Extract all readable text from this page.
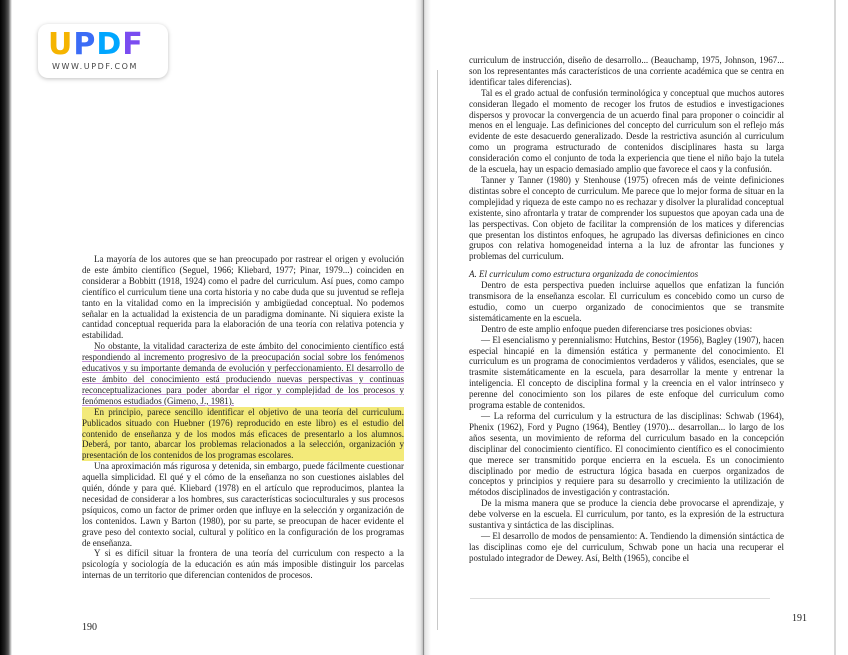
UPDF
WWW.UPDF.COM

La mayoría de los autores que se han preocupado por rastrear el origen y evolución de este ámbito científico (Seguel, 1966; Kliebard, 1977; Pinar, 1979...) coinciden en considerar a Bobbitt (1918, 1924) como el padre del curriculum. Así pues, como campo científico el curriculum tiene una corta historia y no cabe duda que su juventud se refleja tanto en la vitalidad como en la imprecisión y ambigüedad conceptual. No podemos señalar en la actualidad la existencia de un paradigma dominante. Ni siquiera existe la cantidad conceptual requerida para la elaboración de una teoría con relativa potencia y estabilidad.

No obstante, la vitalidad caracteriza de este ámbito del conocimiento científico está respondiendo al incremento progresivo de la preocupación social sobre los fenómenos educativos y su importante demanda de evolución y perfeccionamiento. El desarrollo de este ámbito del conocimiento está produciendo nuevas perspectivas y continuas reconceptualizaciones para poder abordar el rigor y complejidad de los procesos y fenómenos estudiados (Gimeno, J., 1981).

En principio, parece sencillo identificar el objetivo de una teoría del curriculum. Publicados situado con Huebner (1976) reproducido en este libro) es el estudio del contenido de enseñanza y de los modos más eficaces de presentarlo a los alumnos. Deberá, por tanto, abarcar los problemas relacionados a la selección, organización y presentación de los contenidos de los programas escolares.

Una aproximación más rigurosa y detenida, sin embargo, puede fácilmente cuestionar aquella simplicidad. El qué y el cómo de la enseñanza no son cuestiones aislables del quién, dónde y para qué. Kliebard (1978) en el artículo que reproducimos, plantea la necesidad de considerar a los hombres, sus características socioculturales y sus procesos psíquicos, como un factor de primer orden que influye en la selección y organización de los contenidos. Lawn y Barton (1980), por su parte, se preocupan de hacer evidente el grave peso del contexto social, cultural y político en la configuración de los programas de enseñanza.

Y si es difícil situar la frontera de una teoría del curriculum con respecto a la psicología y sociología de la educación es aún más imposible distinguir los parcelas internas de un territorio que diferencian contenidos de procesos.

190

curriculum de instrucción, diseño de desarrollo... (Beauchamp, 1975, Johnson, 1967... son los representantes más característicos de una corriente académica que se centra en identificar tales diferencias).

Tal es el grado actual de confusión terminológica y conceptual que muchos autores consideran llegado el momento de recoger los frutos de estudios e investigaciones dispersos y provocar la convergencia de un acuerdo final para proponer o coincidir al menos en el lenguaje. Las definiciones del concepto del curriculum son el reflejo más evidente de este desacuerdo generalizado. Desde la restrictiva asunción al curriculum como un programa estructurado de contenidos disciplinares hasta su larga consideración como el conjunto de toda la experiencia que tiene el niño bajo la tutela de la escuela, hay un espacio demasiado amplio que favorece el caos y la confusión.

Tanner y Tanner (1980) y Stenhouse (1975) ofrecen más de veinte definiciones distintas sobre el concepto de curriculum. Me parece que lo mejor forma de situar en la complejidad y riqueza de este campo no es rechazar y disolver la pluralidad conceptual existente, sino afrontarla y tratar de comprender los supuestos que apoyan cada una de las perspectivas. Con objeto de facilitar la comprensión de los matices y diferencias que presentan los distintos enfoques, he agrupado las diversas definiciones en cinco grupos con relativa homogeneidad interna a la luz de afrontar las funciones y problemas del curriculum.

A. El curriculum como estructura organizada de conocimientos

Dentro de esta perspectiva pueden incluirse aquellos que enfatizan la función transmisora de la enseñanza escolar. El curriculum es concebido como un curso de estudio, como un cuerpo organizado de conocimientos que se transmite sistemáticamente en la escuela.

Dentro de este amplio enfoque pueden diferenciarse tres posiciones obvias:

— El esencialismo y perennialismo: Hutchins, Bestor (1956), Bagley (1907), hacen especial hincapié en la dimensión estática y permanente del conocimiento. El curriculum es un programa de conocimientos verdaderos y válidos, esenciales, que se trasmite sistemáticamente en la escuela, para desarrollar la mente y entrenar la inteligencia. El concepto de disciplina formal y la creencia en el valor intrínseco y perenne del conocimiento son los pilares de este enfoque del curriculum como programa estable de contenidos.

— La reforma del curriculum y la estructura de las disciplinas: Schwab (1964), Phenix (1962), Ford y Pugno (1964), Bentley (1970)... desarrollan... lo largo de los años sesenta, un movimiento de reforma del curriculum basado en la concepción disciplinar del conocimiento científico. El conocimiento científico es el conocimiento que merece ser transmitido porque encierra en la escuela. Es un conocimiento disciplinado por medio de estructura lógica basada en cuerpos organizados de conceptos y principios y requiere para su desarrollo y crecimiento la utilización de métodos disciplinados de investigación y contrastación.

De la misma manera que se produce la ciencia debe provocarse el aprendizaje, y debe volverse en la escuela. El curriculum, por tanto, es la expresión de la estructura sustantiva y sintáctica de las disciplinas.

— El desarrollo de modos de pensamiento: A. Tendiendo la dimensión sintáctica de las disciplinas como eje del curriculum, Schwab pone un hacia una recuperar el postulado integrador de Dewey. Así, Belth (1965), concibe el

191
